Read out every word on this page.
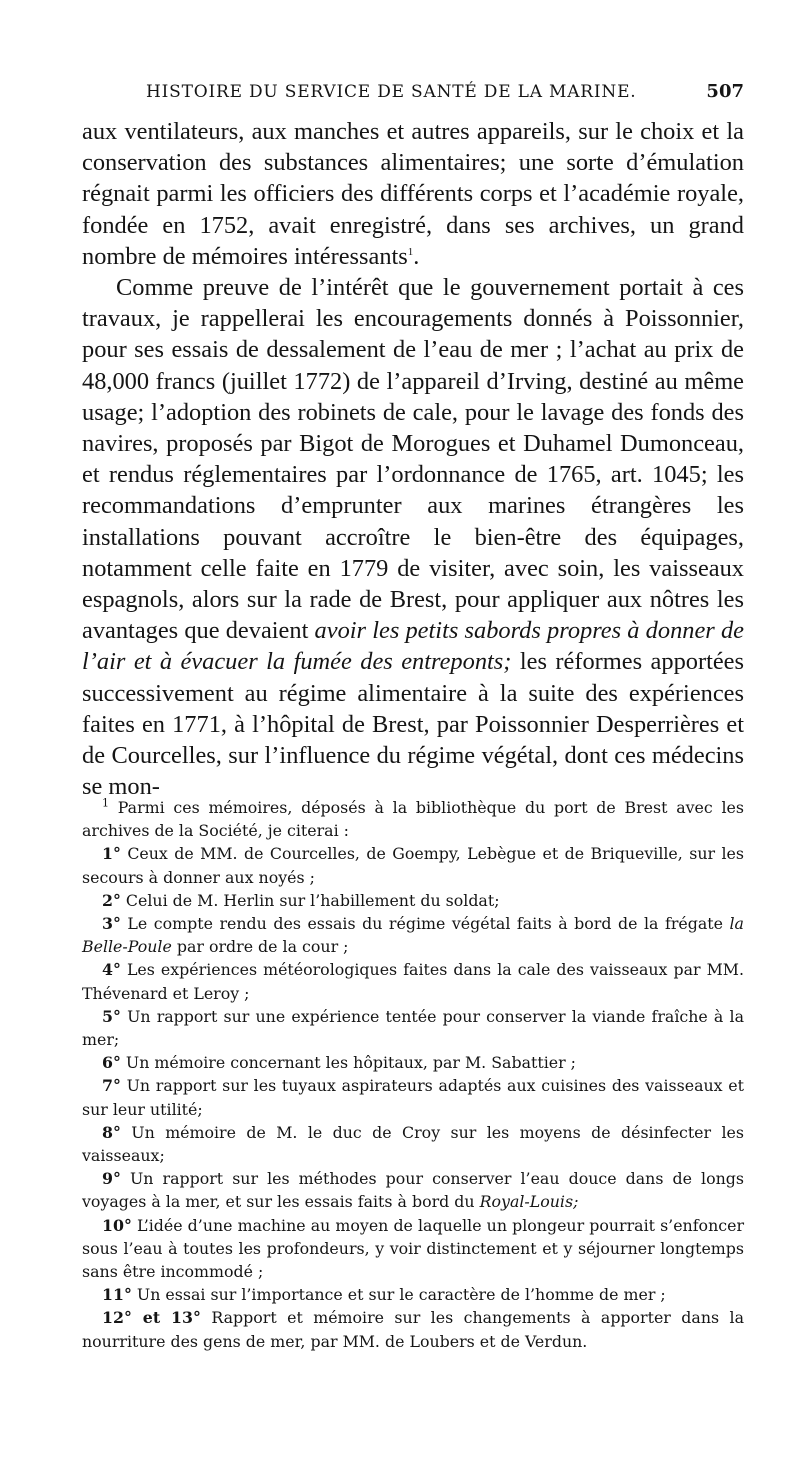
HISTOIRE DU SERVICE DE SANTÉ DE LA MARINE.	507

aux ventilateurs, aux manches et autres appareils, sur le choix et la conservation des substances alimentaires; une sorte d’émulation régnait parmi les officiers des différents corps et l’académie royale, fondée en 1752, avait enregistré, dans ses archives, un grand nombre de mémoires intéressants$^1$.

Comme preuve de l’intérêt que le gouvernement portait à ces travaux, je rappellerai les encouragements donnés à Poissonnier, pour ses essais de dessalement de l’eau de mer ; l’achat au prix de 48,000 francs (juillet 1772) de l’appareil d’Irving, destiné au même usage; l’adoption des robinets de cale, pour le lavage des fonds des navires, proposés par Bigot de Morogues et Duhamel Dumonceau, et rendus réglementaires par l’ordonnance de 1765, art. 1045; les recommandations d’emprunter aux marines étrangères les installations pouvant accroître le bien-être des équipages, notamment celle faite en 1779 de visiter, avec soin, les vaisseaux espagnols, alors sur la rade de Brest, pour appliquer aux nôtres les avantages que devaient avoir les petits sabords propres à donner de l’air et à évacuer la fumée des entreponts; les réformes apportées successivement au régime alimentaire à la suite des expériences faites en 1771, à l’hôpital de Brest, par Poissonnier Desperrières et de Courcelles, sur l’influence du régime végétal, dont ces médecins se mon-

$^1$ Parmi ces mémoires, déposés à la bibliothèque du port de Brest avec les archives de la Société, je citerai :

1° Ceux de MM. de Courcelles, de Goempy, Lebègue et de Briqueville, sur les secours à donner aux noyés ;

2° Celui de M. Herlin sur l’habillement du soldat;

3° Le compte rendu des essais du régime végétal faits à bord de la frégate la Belle-Poule par ordre de la cour ;

4° Les expériences météorologiques faites dans la cale des vaisseaux par MM. Thévenard et Leroy ;

5° Un rapport sur une expérience tentée pour conserver la viande fraîche à la mer;

6° Un mémoire concernant les hôpitaux, par M. Sabattier ;

7° Un rapport sur les tuyaux aspirateurs adaptés aux cuisines des vaisseaux et sur leur utilité;

8° Un mémoire de M. le duc de Croy sur les moyens de désinfecter les vaisseaux;

9° Un rapport sur les méthodes pour conserver l’eau douce dans de longs voyages à la mer, et sur les essais faits à bord du Royal-Louis;

10° L’idée d’une machine au moyen de laquelle un plongeur pourrait s’enfoncer sous l’eau à toutes les profondeurs, y voir distinctement et y séjourner longtemps sans être incommodé ;

11° Un essai sur l’importance et sur le caractère de l’homme de mer ;

12° et 13° Rapport et mémoire sur les changements à apporter dans la nourriture des gens de mer, par MM. de Loubers et de Verdun.
